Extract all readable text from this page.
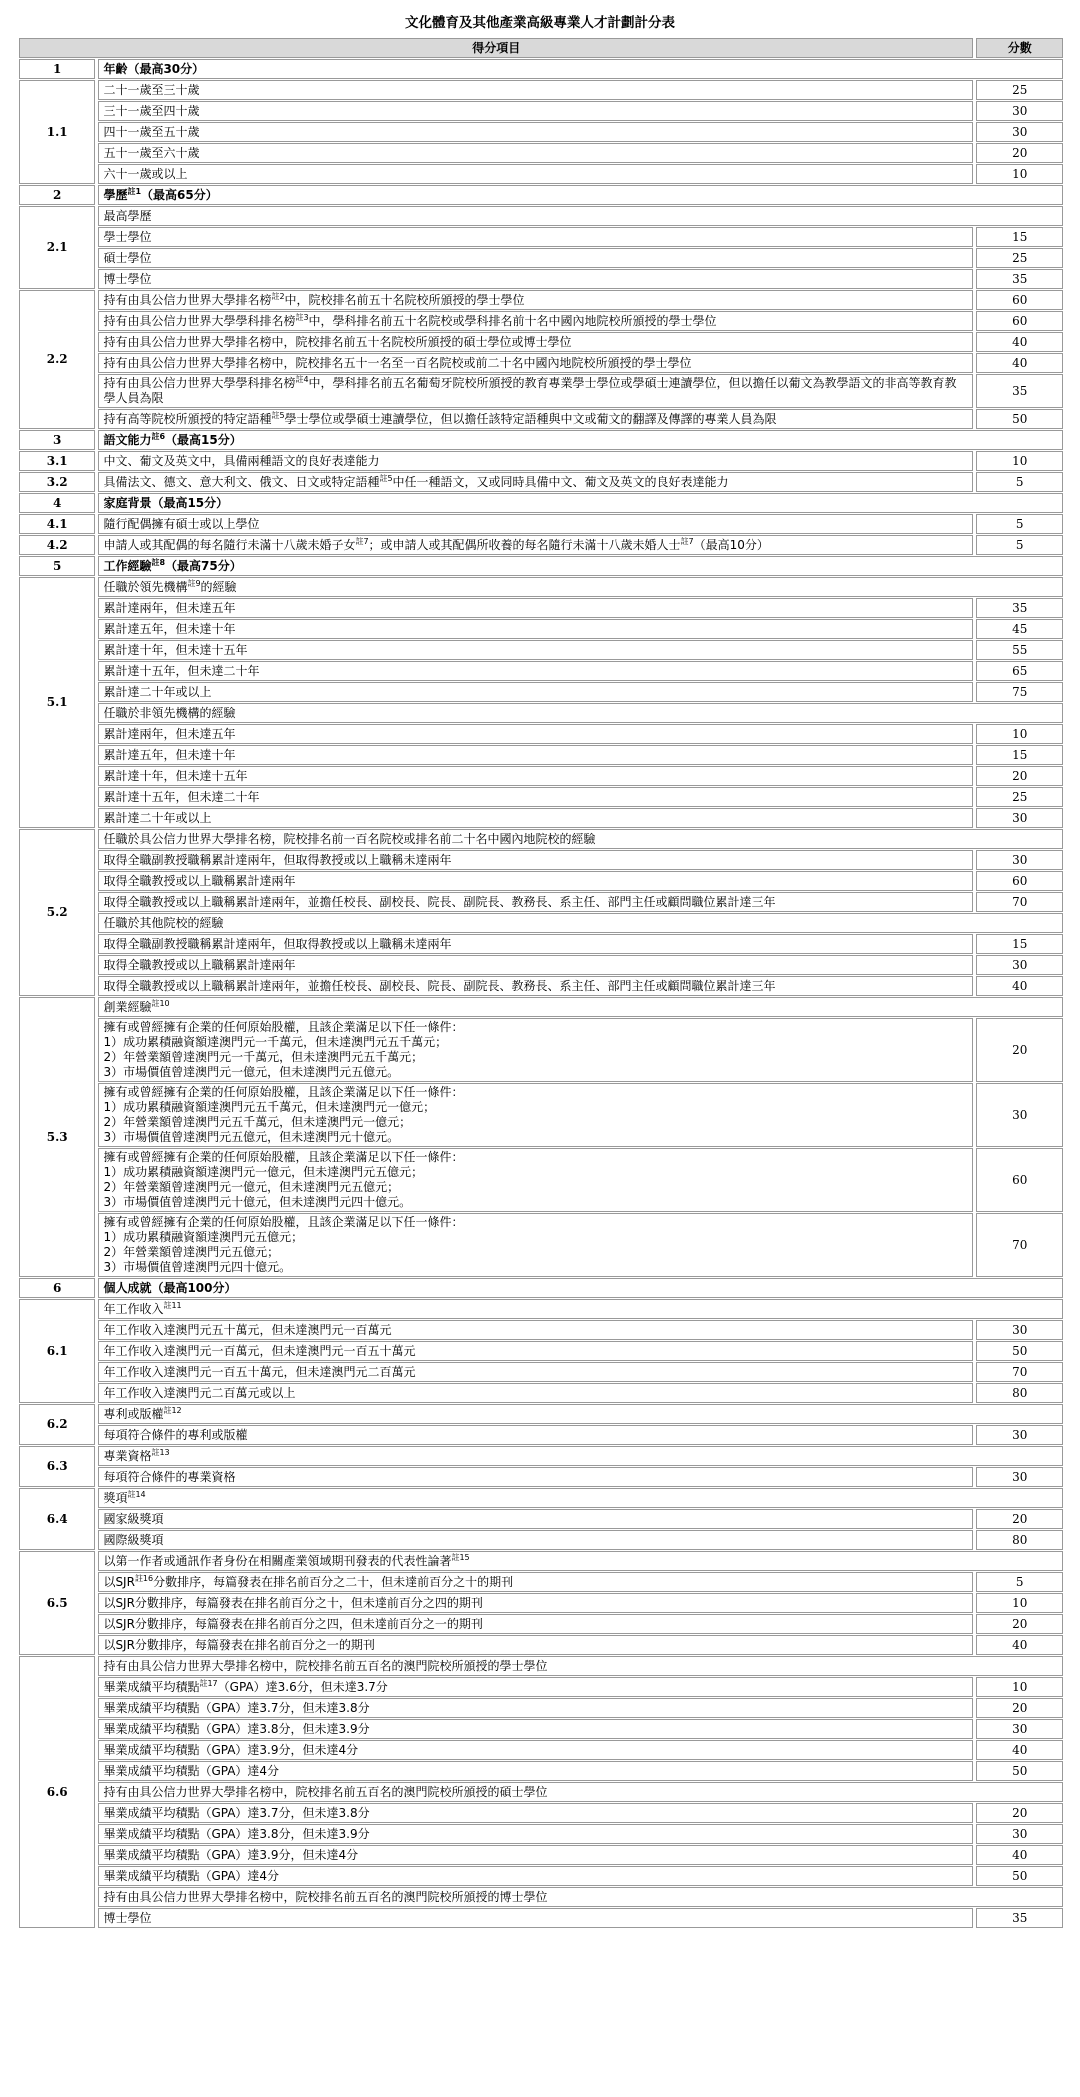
文化體育及其他產業高級專業人才計劃計分表
得分項目		分數
1	年齡（最高30分）	
1.1	二十一歲至三十歲	25
	三十一歲至四十歲	30
	四十一歲至五十歲	30
	五十一歲至六十歲	20
	六十一歲或以上	10
2	學歷$^{註1}$（最高65分）	
2.1	最高學歷	
	學士學位	15
	碩士學位	25
	博士學位	35
2.2	持有由具公信力世界大學排名榜$^{註2}$中，院校排名前五十名院校所頒授的學士學位	60
	持有由具公信力世界大學學科排名榜$^{註3}$中，學科排名前五十名院校或學科排名前十名中國內地院校所頒授的學士學位	60
	持有由具公信力世界大學排名榜中，院校排名前五十名院校所頒授的碩士學位或博士學位	40
	持有由具公信力世界大學排名榜中，院校排名五十一名至一百名院校或前二十名中國內地院校所頒授的學士學位	40
	持有由具公信力世界大學學科排名榜$^{註4}$中，學科排名前五名葡萄牙院校所頒授的教育專業學士學位或學碩士連讀學位，但以擔任以葡文為教學語文的非高等教育教學人員為限	35
	持有高等院校所頒授的特定語種$^{註5}$學士學位或學碩士連讀學位，但以擔任該特定語種與中文或葡文的翻譯及傳譯的專業人員為限	50
3	語文能力$^{註6}$（最高15分）	
3.1	中文、葡文及英文中，具備兩種語文的良好表達能力	10
3.2	具備法文、德文、意大利文、俄文、日文或特定語種$^{註5}$中任一種語文，又或同時具備中文、葡文及英文的良好表達能力	5
4	家庭背景（最高15分）	
4.1	隨行配偶擁有碩士或以上學位	5
4.2	申請人或其配偶的每名隨行未滿十八歲未婚子女$^{註7}$；或申請人或其配偶所收養的每名隨行未滿十八歲未婚人士$^{註7}$（最高10分）	5
5	工作經驗$^{註8}$（最高75分）	
5.1	任職於領先機構$^{註9}$的經驗	
	累計達兩年，但未達五年	35
	累計達五年，但未達十年	45
	累計達十年，但未達十五年	55
	累計達十五年，但未達二十年	65
	累計達二十年或以上	75
	任職於非領先機構的經驗	
	累計達兩年，但未達五年	10
	累計達五年，但未達十年	15
	累計達十年，但未達十五年	20
	累計達十五年，但未達二十年	25
	累計達二十年或以上	30
5.2	任職於具公信力世界大學排名榜，院校排名前一百名院校或排名前二十名中國內地院校的經驗	
	取得全職副教授職稱累計達兩年，但取得教授或以上職稱未達兩年	30
	取得全職教授或以上職稱累計達兩年	60
	取得全職教授或以上職稱累計達兩年，並擔任校長、副校長、院長、副院長、教務長、系主任、部門主任或顧問職位累計達三年	70
	任職於其他院校的經驗	
	取得全職副教授職稱累計達兩年，但取得教授或以上職稱未達兩年	15
	取得全職教授或以上職稱累計達兩年	30
	取得全職教授或以上職稱累計達兩年，並擔任校長、副校長、院長、副院長、教務長、系主任、部門主任或顧問職位累計達三年	40
5.3	創業經驗$^{註10}$

	擁有或曾經擁有企業的任何原始股權，且該企業滿足以下任一條件：
1）成功累積融資額達澳門元一千萬元，但未達澳門元五千萬元；
2）年營業額曾達澳門元一千萬元，但未達澳門元五千萬元；
3）市場價值曾達澳門元一億元，但未達澳門元五億元。	20

	擁有或曾經擁有企業的任何原始股權，且該企業滿足以下任一條件：
1）成功累積融資額達澳門元五千萬元，但未達澳門元一億元；
2）年營業額曾達澳門元五千萬元，但未達澳門元一億元；
3）市場價值曾達澳門元五億元，但未達澳門元十億元。	30

	擁有或曾經擁有企業的任何原始股權，且該企業滿足以下任一條件：
1）成功累積融資額達澳門元一億元，但未達澳門元五億元；
2）年營業額曾達澳門元一億元，但未達澳門元五億元；
3）市場價值曾達澳門元十億元，但未達澳門元四十億元。	60

	擁有或曾經擁有企業的任何原始股權，且該企業滿足以下任一條件：
1）成功累積融資額達澳門元五億元；
2）年營業額曾達澳門元五億元；
3）市場價值曾達澳門元四十億元。	70
6	個人成就（最高100分）	
6.1	年工作收入$^{註11}$
	年工作收入達澳門元五十萬元，但未達澳門元一百萬元	30
	年工作收入達澳門元一百萬元，但未達澳門元一百五十萬元	50
	年工作收入達澳門元一百五十萬元，但未達澳門元二百萬元	70
	年工作收入達澳門元二百萬元或以上	80
6.2	專利或版權$^{註12}$
	每項符合條件的專利或版權	30
6.3	專業資格$^{註13}$
	每項符合條件的專業資格	30
6.4	獎項$^{註14}$
	國家級獎項	20
	國際級獎項	80
6.5	以第一作者或通訊作者身份在相關產業領域期刊發表的代表性論著$^{註15}$
	以SJR$^{註16}$分數排序，每篇發表在排名前百分之二十，但未達前百分之十的期刊	5
	以SJR分數排序，每篇發表在排名前百分之十，但未達前百分之四的期刊	10
	以SJR分數排序，每篇發表在排名前百分之四，但未達前百分之一的期刊	20
	以SJR分數排序，每篇發表在排名前百分之一的期刊	40
6.6	持有由具公信力世界大學排名榜中，院校排名前五百名的澳門院校所頒授的學士學位	
	畢業成績平均積點$^{註17}$（GPA）達3.6分，但未達3.7分	10
	畢業成績平均積點（GPA）達3.7分，但未達3.8分	20
	畢業成績平均積點（GPA）達3.8分，但未達3.9分	30
	畢業成績平均積點（GPA）達3.9分，但未達4分	40
	畢業成績平均積點（GPA）達4分	50
	持有由具公信力世界大學排名榜中，院校排名前五百名的澳門院校所頒授的碩士學位	
	畢業成績平均積點（GPA）達3.7分，但未達3.8分	20
	畢業成績平均積點（GPA）達3.8分，但未達3.9分	30
	畢業成績平均積點（GPA）達3.9分，但未達4分	40
	畢業成績平均積點（GPA）達4分	50
	持有由具公信力世界大學排名榜中，院校排名前五百名的澳門院校所頒授的博士學位	
	博士學位	35
